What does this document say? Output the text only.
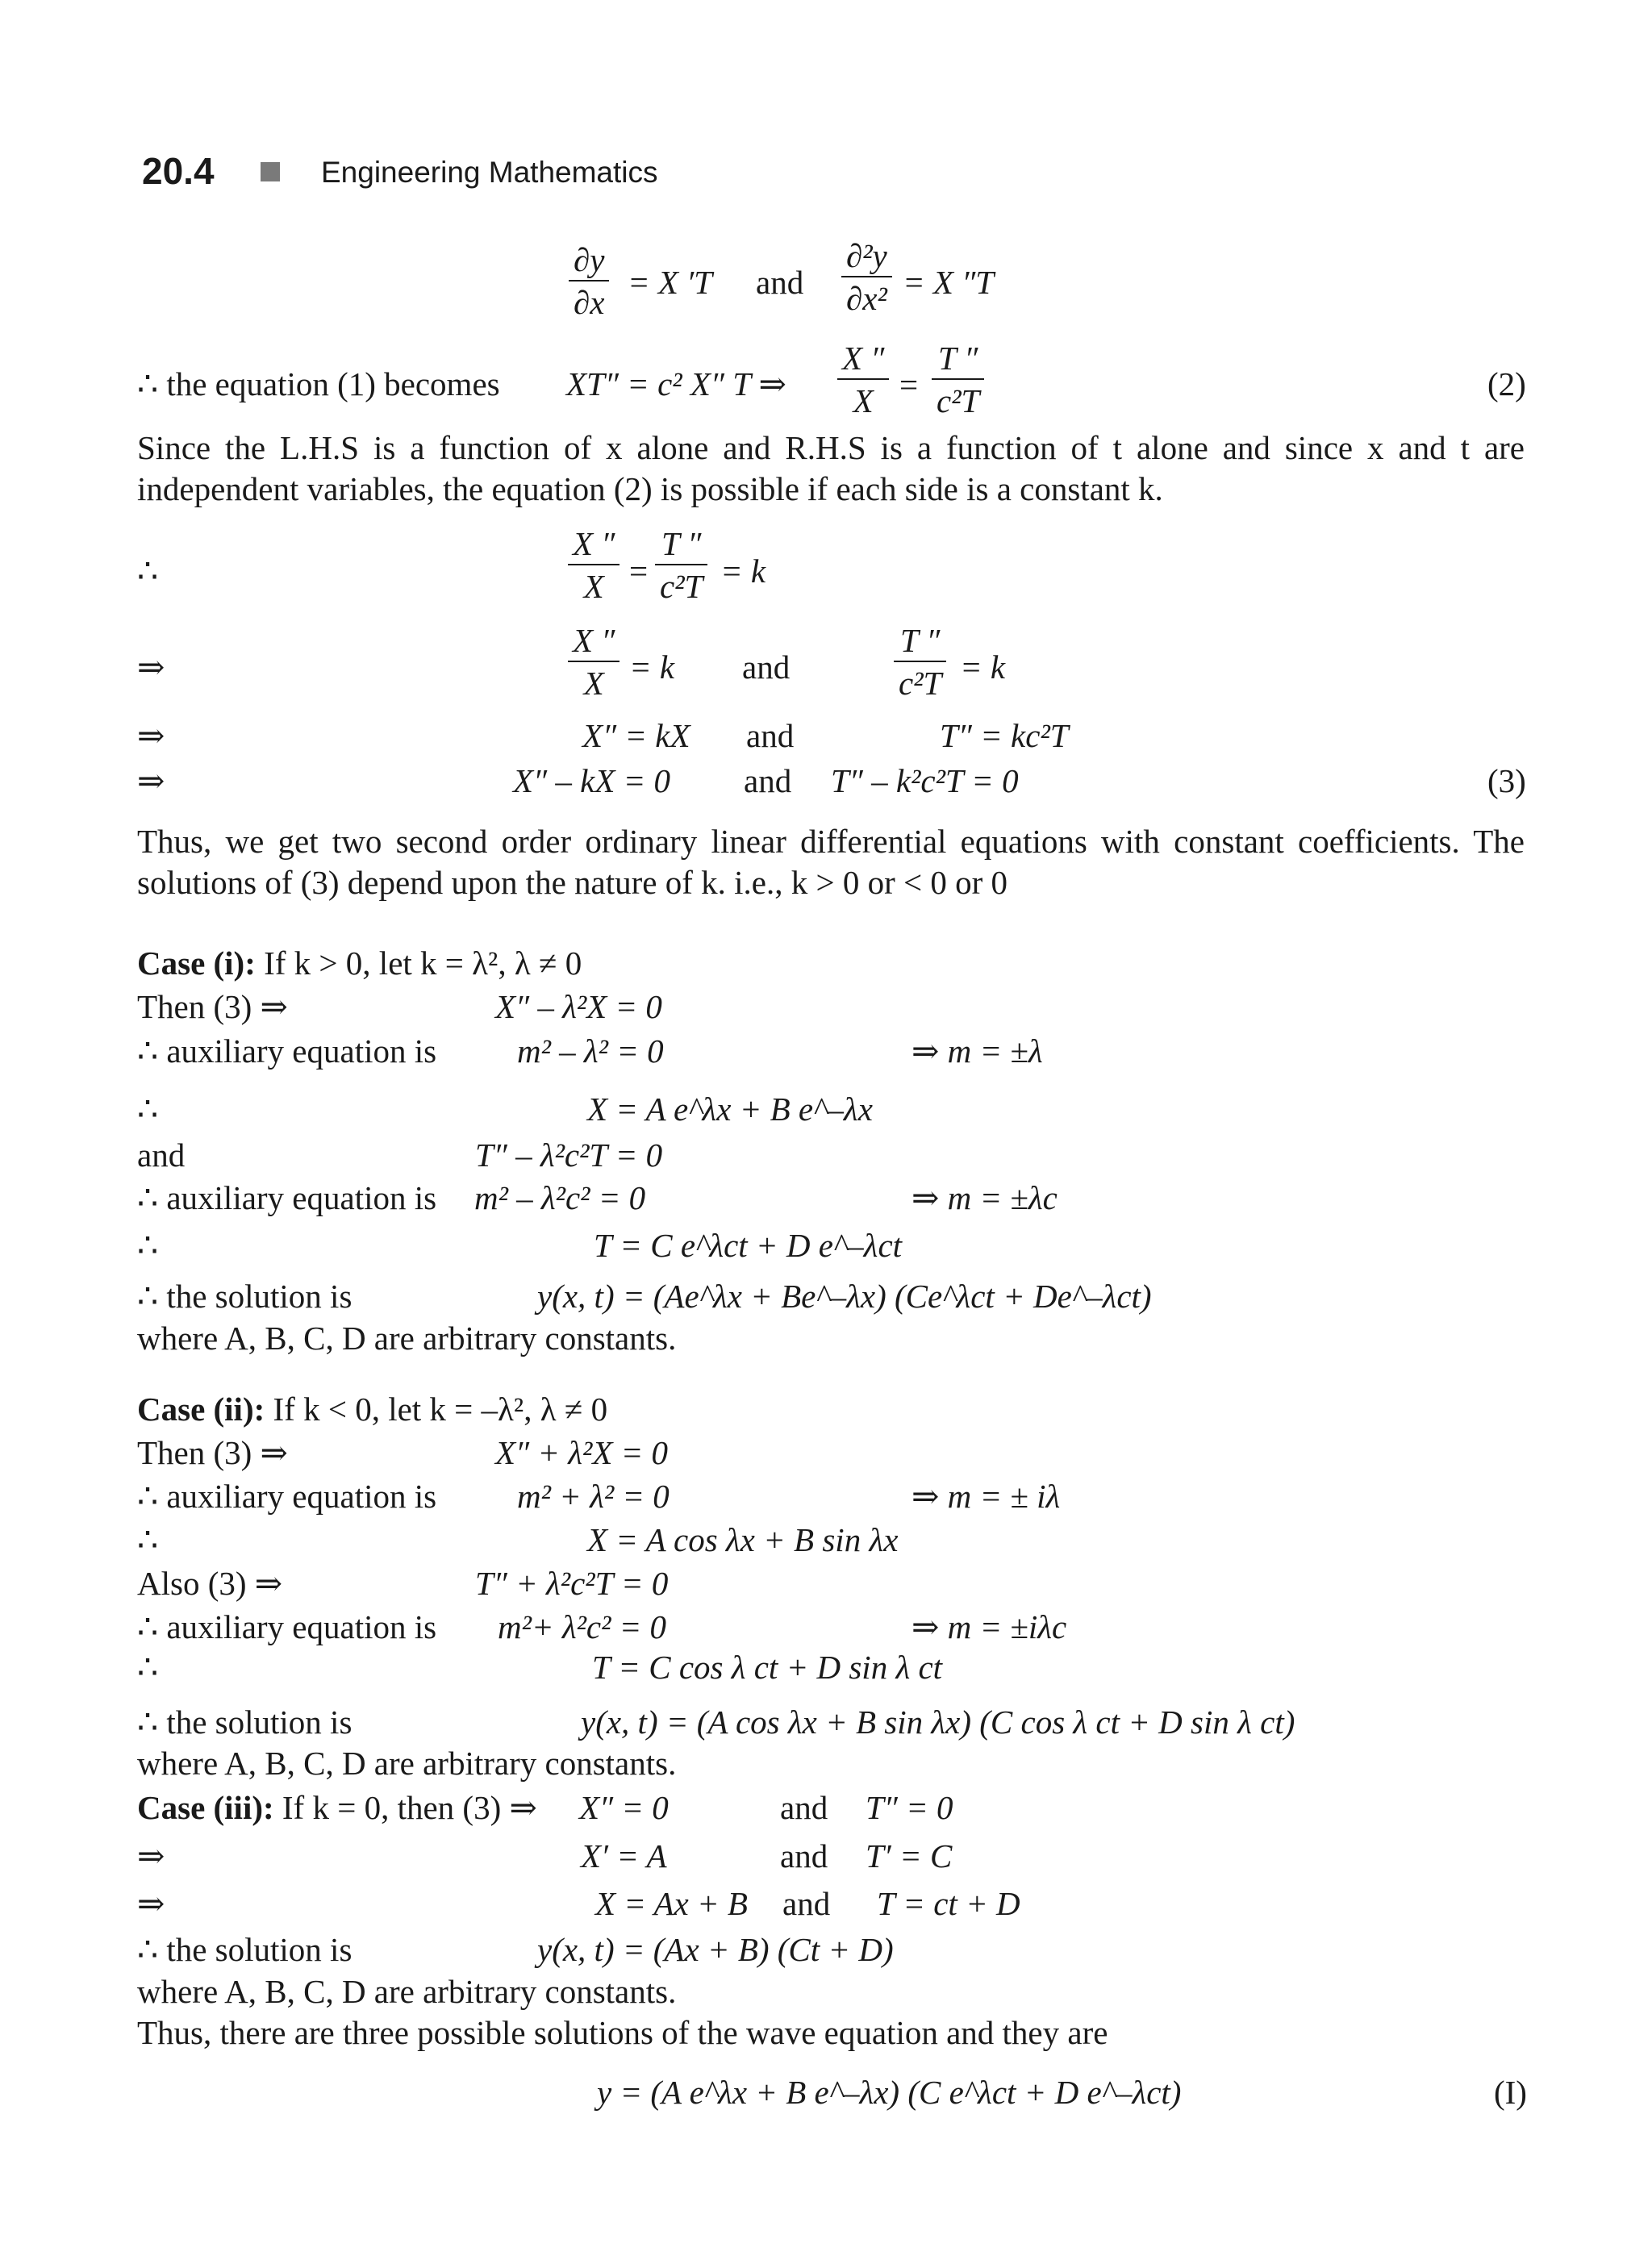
20.4	Engineering Mathematics
$\frac{\partial y}{\partial x} = X$ ′T and $\frac{\text{∂²y}}{\text{∂x²}} = X$ ″T
∴ the equation (1) becomes XT″ = c² X″ T ⇒ $\frac{X ''}{X} = \frac{T ''}{\text{c²T}}$	(2)
Since the L.H.S is a function of x alone and R.H.S is a function of t alone and since x and t are independent variables, the equation (2) is possible if each side is a constant k.
∴	$\frac{X ''}{X} = \frac{T ''}{\text{c²T}} = k$
⇒	$\frac{X ''}{X} = k$ and	$\frac{T ''}{\text{c²T}} = k$
⇒	X″ = kX and	T″ = kc²T
⇒	X″ – kX = 0 and T″ – k²c²T = 0	(3)
Thus, we get two second order ordinary linear differential equations with constant coefficients. The solutions of (3) depend upon the nature of k. i.e., k > 0 or < 0 or 0
Case (i): If k > 0, let k = λ², λ ≠ 0
Then (3) ⇒	X″ – λ²X = 0
∴ auxiliary equation is m² – λ² = 0	⇒ m = ±λ
∴	X = A e^λx + B e^–λx
and	T″ – λ²c²T = 0
∴ auxiliary equation is m² – λ²c² = 0	⇒ m = ±λc
∴	T = C e^λct + D e^–λct
∴ the solution is	y(x, t) = (Ae^λx + Be^–λx) (Ce^λct + De^–λct)
where A, B, C, D are arbitrary constants.
Case (ii): If k < 0, let k = –λ², λ ≠ 0
Then (3) ⇒	X″ + λ²X = 0
∴ auxiliary equation is m² + λ² = 0	⇒ m = ± iλ
∴	X = A cos λx + B sin λx
Also (3) ⇒	T″ + λ²c²T = 0
∴ auxiliary equation is m²+ λ²c² = 0	⇒ m = ±iλc
∴	T = C cos λ ct + D sin λ ct
∴ the solution is	y(x, t) = (A cos λx + B sin λx) (C cos λ ct + D sin λ ct)
where A, B, C, D are arbitrary constants.
Case (iii): If k = 0, then (3) ⇒ X″ = 0	and T″ = 0
⇒	X′ = A	and T′ = C
⇒	X = Ax + B and T = ct + D
∴ the solution is	y(x, t) = (Ax + B) (Ct + D)
where A, B, C, D are arbitrary constants.
Thus, there are three possible solutions of the wave equation and they are
y = (A e^λx + B e^–λx) (C e^λct + D e^–λct)	(I)
